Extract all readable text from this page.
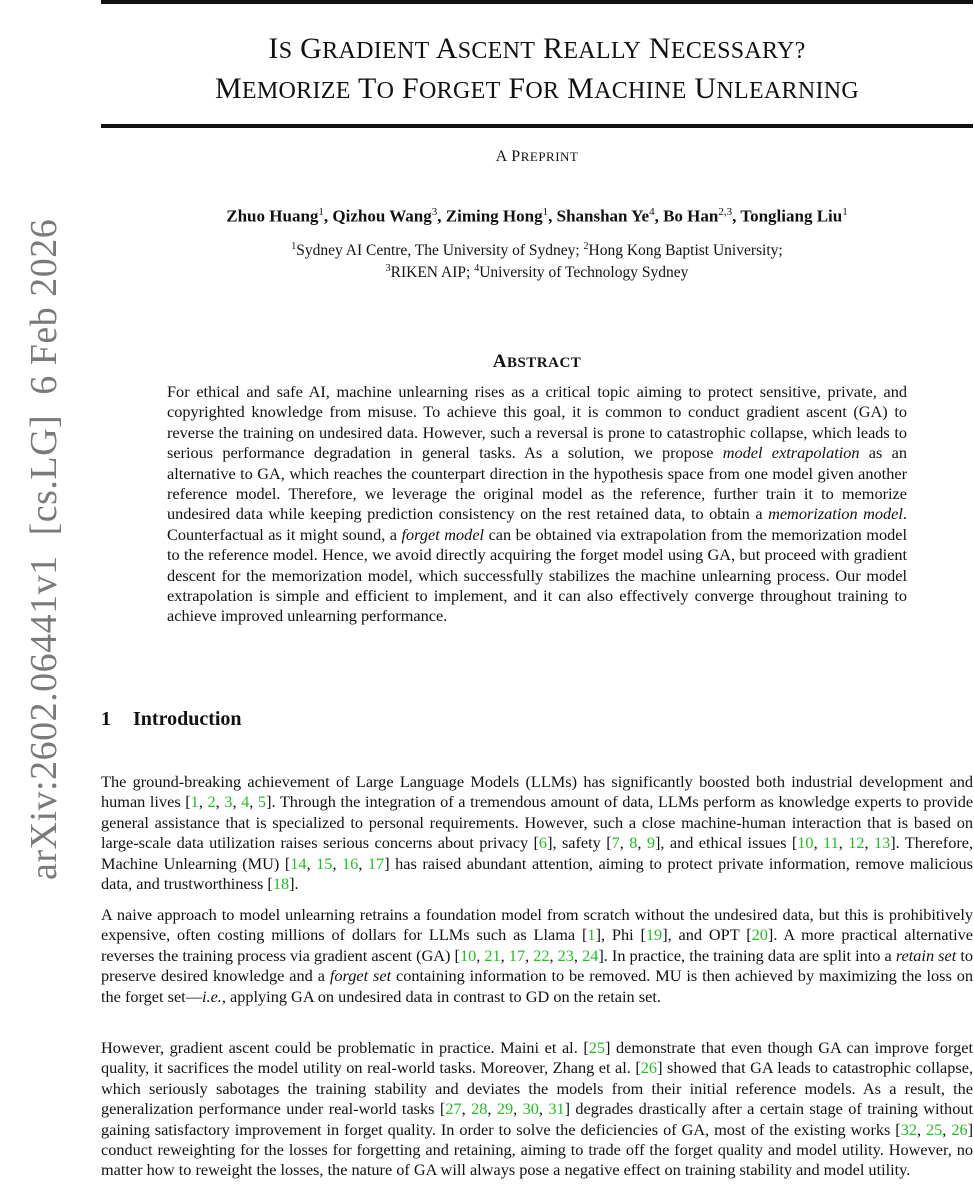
IS GRADIENT ASCENT REALLY NECESSARY?
MEMORIZE TO FORGET FOR MACHINE UNLEARNING
A PREPRINT
Zhuo Huang$^1$, Qizhou Wang$^3$, Ziming Hong$^1$, Shanshan Ye$^4$, Bo Han$^{2,3}$, Tongliang Liu$^1$
$^1$Sydney AI Centre, The University of Sydney; $^2$Hong Kong Baptist University;
$^3$RIKEN AIP; $^4$University of Technology Sydney
ABSTRACT
For ethical and safe AI, machine unlearning rises as a critical topic aiming to protect sensitive, private, and copyrighted knowledge from misuse. To achieve this goal, it is common to conduct gradient ascent (GA) to reverse the training on undesired data. However, such a reversal is prone to catastrophic collapse, which leads to serious performance degradation in general tasks. As a solution, we propose model extrapolation as an alternative to GA, which reaches the counterpart direction in the hypothesis space from one model given another reference model. Therefore, we leverage the original model as the reference, further train it to memorize undesired data while keeping prediction consistency on the rest retained data, to obtain a memorization model. Counterfactual as it might sound, a forget model can be obtained via extrapolation from the memorization model to the reference model. Hence, we avoid directly acquiring the forget model using GA, but proceed with gradient descent for the memorization model, which successfully stabilizes the machine unlearning process. Our model extrapolation is simple and efficient to implement, and it can also effectively converge throughout training to achieve improved unlearning performance.
1 Introduction

The ground-breaking achievement of Large Language Models (LLMs) has significantly boosted both industrial development and human lives [1, 2, 3, 4, 5]. Through the integration of a tremendous amount of data, LLMs perform as knowledge experts to provide general assistance that is specialized to personal requirements. However, such a close machine-human interaction that is based on large-scale data utilization raises serious concerns about privacy [6], safety [7, 8, 9], and ethical issues [10, 11, 12, 13]. Therefore, Machine Unlearning (MU) [14, 15, 16, 17] has raised abundant attention, aiming to protect private information, remove malicious data, and trustworthiness [18].

A naive approach to model unlearning retrains a foundation model from scratch without the undesired data, but this is prohibitively expensive, often costing millions of dollars for LLMs such as Llama [1], Phi [19], and OPT [20]. A more practical alternative reverses the training process via gradient ascent (GA) [10, 21, 17, 22, 23, 24]. In practice, the training data are split into a retain set to preserve desired knowledge and a forget set containing information to be removed. MU is then achieved by maximizing the loss on the forget set—i.e., applying GA on undesired data in contrast to GD on the retain set.

However, gradient ascent could be problematic in practice. Maini et al. [25] demonstrate that even though GA can improve forget quality, it sacrifices the model utility on real-world tasks. Moreover, Zhang et al. [26] showed that GA leads to catastrophic collapse, which seriously sabotages the training stability and deviates the models from their initial reference models. As a result, the generalization performance under real-world tasks [27, 28, 29, 30, 31] degrades drastically after a certain stage of training without gaining satisfactory improvement in forget quality. In order to solve the deficiencies of GA, most of the existing works [32, 25, 26] conduct reweighting for the losses for forgetting and retaining, aiming to trade off the forget quality and model utility. However, no matter how to reweight the losses, the nature of GA will always pose a negative effect on training stability and model utility.

arXiv:2602.06441v1  [cs.LG]  6 Feb 2026
